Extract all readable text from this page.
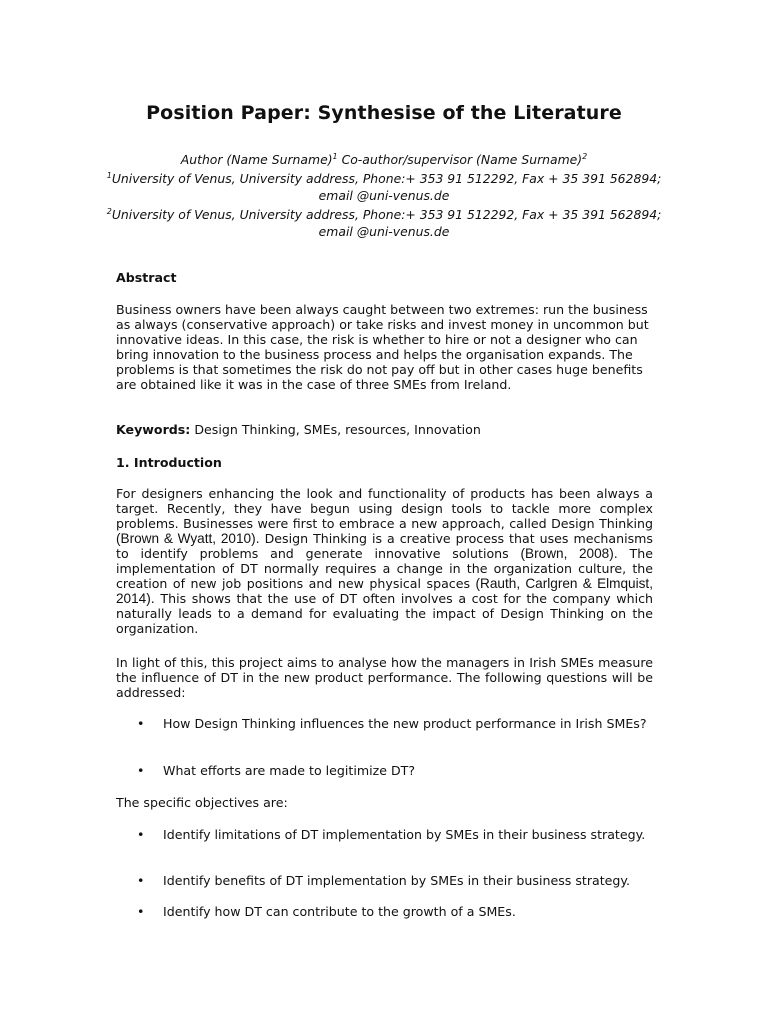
Position Paper: Synthesise of the Literature
Author (Name Surname)$^1$ Co-author/supervisor (Name Surname)$^2$
$^1$University of Venus, University address, Phone:+ 353 91 512292, Fax + 35 391 562894; email @uni-venus.de
$^2$University of Venus, University address, Phone:+ 353 91 512292, Fax + 35 391 562894; email @uni-venus.de
Abstract
Business owners have been always caught between two extremes: run the business as always (conservative approach) or take risks and invest money in uncommon but innovative ideas. In this case, the risk is whether to hire or not a designer who can bring innovation to the business process and helps the organisation expands. The problems is that sometimes the risk do not pay off but in other cases huge benefits are obtained like it was in the case of three SMEs from Ireland.
Keywords: Design Thinking, SMEs, resources, Innovation
1. Introduction
For designers enhancing the look and functionality of products has been always a target. Recently, they have begun using design tools to tackle more complex problems. Businesses were first to embrace a new approach, called Design Thinking (Brown & Wyatt, 2010). Design Thinking is a creative process that uses mechanisms to identify problems and generate innovative solutions (Brown, 2008). The implementation of DT normally requires a change in the organization culture, the creation of new job positions and new physical spaces (Rauth, Carlgren & Elmquist, 2014). This shows that the use of DT often involves a cost for the company which naturally leads to a demand for evaluating the impact of Design Thinking on the organization.
In light of this, this project aims to analyse how the managers in Irish SMEs measure the influence of DT in the new product performance. The following questions will be addressed:
• How Design Thinking influences the new product performance in Irish SMEs?
• What efforts are made to legitimize DT?
The specific objectives are:
• Identify limitations of DT implementation by SMEs in their business strategy.
• Identify benefits of DT implementation by SMEs in their business strategy.
• Identify how DT can contribute to the growth of a SMEs.
